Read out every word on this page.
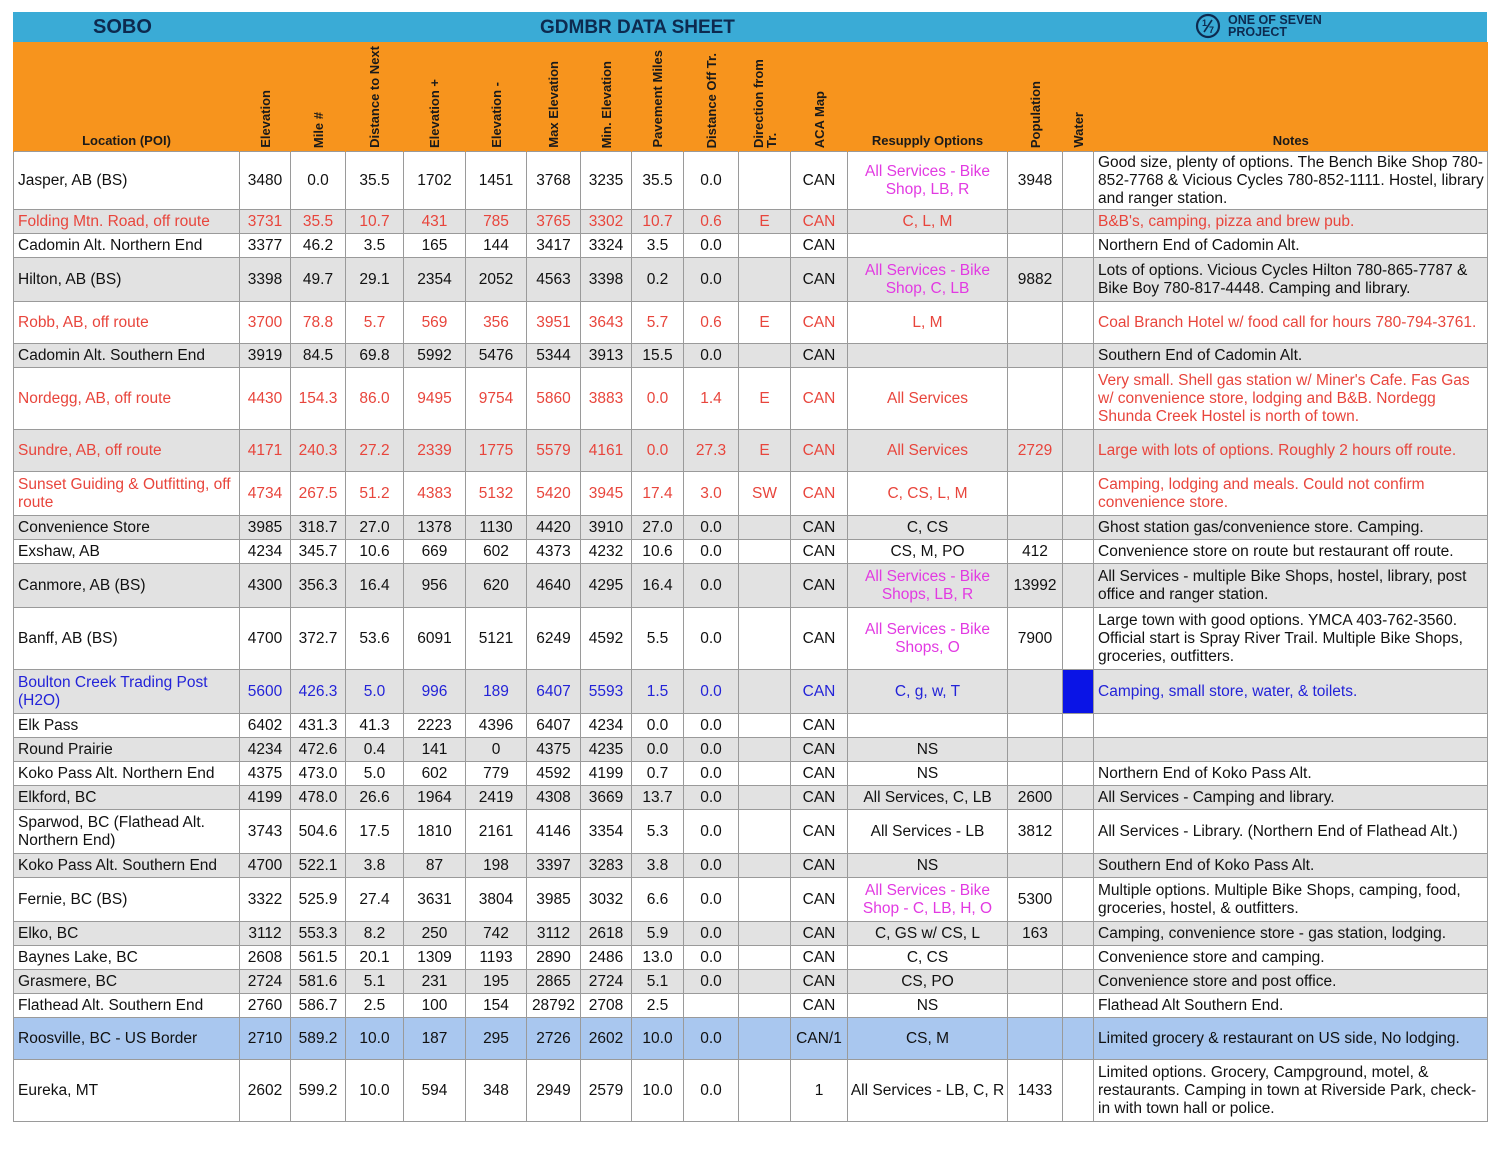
SOBO	GDMBR DATA SHEET	1
7
ONE OF SEVEN PROJECT
Location (POI)	Elevation	Mile #	Distance to Next	Elevation +	Elevation -	Max Elevation	Min. Elevation	Pavement Miles	Distance Off Tr.	Direction from Tr.	ACA Map	Resupply Options	Population	Water	Notes
Jasper, AB (BS)	3480	0.0	35.5	1702	1451	3768	3235	35.5	0.0		CAN	All Services - Bike Shop, LB, R	3948		Good size, plenty of options. The Bench Bike Shop 780-852-7768 & Vicious Cycles 780-852-1111. Hostel, library and ranger station.
Folding Mtn. Road, off route	3731	35.5	10.7	431	785	3765	3302	10.7	0.6	E	CAN	C, L, M			B&B's, camping, pizza and brew pub.
Cadomin Alt. Northern End	3377	46.2	3.5	165	144	3417	3324	3.5	0.0		CAN				Northern End of Cadomin Alt.
Hilton, AB (BS)	3398	49.7	29.1	2354	2052	4563	3398	0.2	0.0		CAN	All Services - Bike Shop, C, LB	9882		Lots of options. Vicious Cycles Hilton 780-865-7787 & Bike Boy 780-817-4448. Camping and library.
Robb, AB, off route	3700	78.8	5.7	569	356	3951	3643	5.7	0.6	E	CAN	L, M			Coal Branch Hotel w/ food call for hours 780-794-3761.
Cadomin Alt. Southern End	3919	84.5	69.8	5992	5476	5344	3913	15.5	0.0		CAN				Southern End of Cadomin Alt.
Nordegg, AB, off route	4430	154.3	86.0	9495	9754	5860	3883	0.0	1.4	E	CAN	All Services			Very small. Shell gas station w/ Miner's Cafe. Fas Gas w/ convenience store, lodging and B&B. Nordegg Shunda Creek Hostel is north of town.
Sundre, AB, off route	4171	240.3	27.2	2339	1775	5579	4161	0.0	27.3	E	CAN	All Services	2729		Large with lots of options. Roughly 2 hours off route.
Sunset Guiding & Outfitting, off route	4734	267.5	51.2	4383	5132	5420	3945	17.4	3.0	SW	CAN	C, CS, L, M			Camping, lodging and meals. Could not confirm convenience store.
Convenience Store	3985	318.7	27.0	1378	1130	4420	3910	27.0	0.0		CAN	C, CS			Ghost station gas/convenience store. Camping.
Exshaw, AB	4234	345.7	10.6	669	602	4373	4232	10.6	0.0		CAN	CS, M, PO	412		Convenience store on route but restaurant off route.
Canmore, AB (BS)	4300	356.3	16.4	956	620	4640	4295	16.4	0.0		CAN	All Services - Bike Shops, LB, R	13992		All Services - multiple Bike Shops, hostel, library, post office and ranger station.
Banff, AB (BS)	4700	372.7	53.6	6091	5121	6249	4592	5.5	0.0		CAN	All Services - Bike Shops, O	7900		Large town with good options. YMCA 403-762-3560. Official start is Spray River Trail. Multiple Bike Shops, groceries, outfitters.
Boulton Creek Trading Post (H2O)	5600	426.3	5.0	996	189	6407	5593	1.5	0.0		CAN	C, g, w, T			Camping, small store, water, & toilets.
Elk Pass	6402	431.3	41.3	2223	4396	6407	4234	0.0	0.0		CAN				
Round Prairie	4234	472.6	0.4	141	0	4375	4235	0.0	0.0		CAN	NS			
Koko Pass Alt. Northern End	4375	473.0	5.0	602	779	4592	4199	0.7	0.0		CAN	NS			Northern End of Koko Pass Alt.
Elkford, BC	4199	478.0	26.6	1964	2419	4308	3669	13.7	0.0		CAN	All Services, C, LB	2600		All Services - Camping and library.
Sparwod, BC (Flathead Alt. Northern End)	3743	504.6	17.5	1810	2161	4146	3354	5.3	0.0		CAN	All Services - LB	3812		All Services - Library. (Northern End of Flathead Alt.)
Koko Pass Alt. Southern End	4700	522.1	3.8	87	198	3397	3283	3.8	0.0		CAN	NS			Southern End of Koko Pass Alt.
Fernie, BC (BS)	3322	525.9	27.4	3631	3804	3985	3032	6.6	0.0		CAN	All Services - Bike Shop - C, LB, H, O	5300		Multiple options. Multiple Bike Shops, camping, food, groceries, hostel, & outfitters.
Elko, BC	3112	553.3	8.2	250	742	3112	2618	5.9	0.0		CAN	C, GS w/ CS, L	163		Camping, convenience store - gas station, lodging.
Baynes Lake, BC	2608	561.5	20.1	1309	1193	2890	2486	13.0	0.0		CAN	C, CS			Convenience store and camping.
Grasmere, BC	2724	581.6	5.1	231	195	2865	2724	5.1	0.0		CAN	CS, PO			Convenience store and post office.
Flathead Alt. Southern End	2760	586.7	2.5	100	154	28792	2708	2.5			CAN	NS			Flathead Alt Southern End.
Roosville, BC - US Border	2710	589.2	10.0	187	295	2726	2602	10.0	0.0		CAN/1	CS, M			Limited grocery & restaurant on US side, No lodging.
Eureka, MT	2602	599.2	10.0	594	348	2949	2579	10.0	0.0		1	All Services - LB, C, R	1433		Limited options. Grocery, Campground, motel, & restaurants. Camping in town at Riverside Park, check-in with town hall or police.
